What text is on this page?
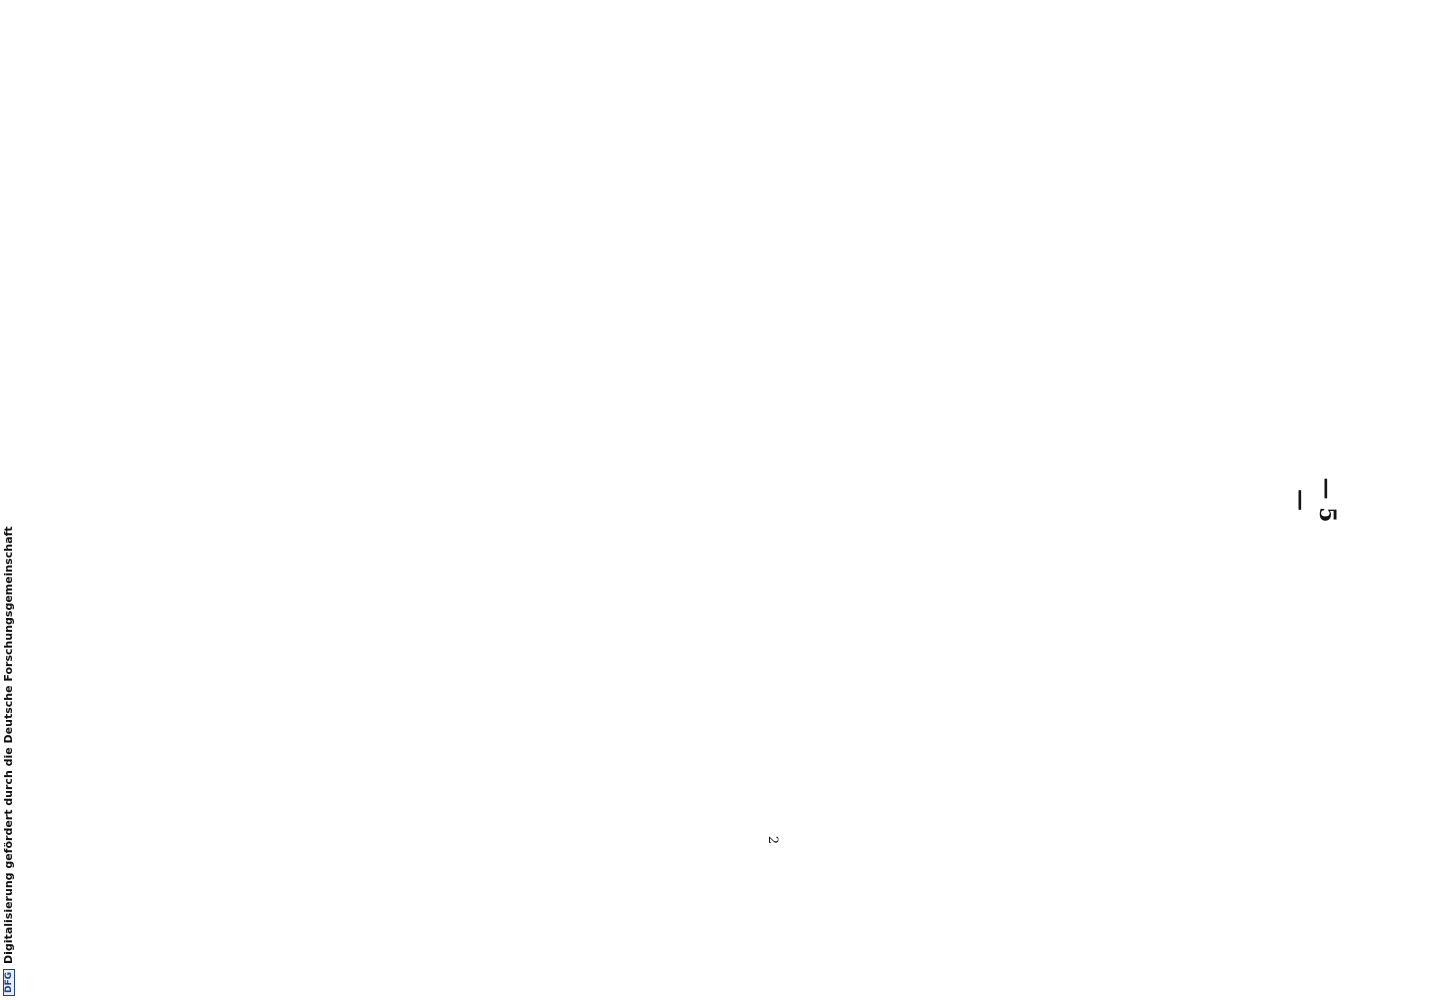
— 5 —
2
DFG
Digitalisierung gefördert durch die Deutsche Forschungsgemeinschaft
